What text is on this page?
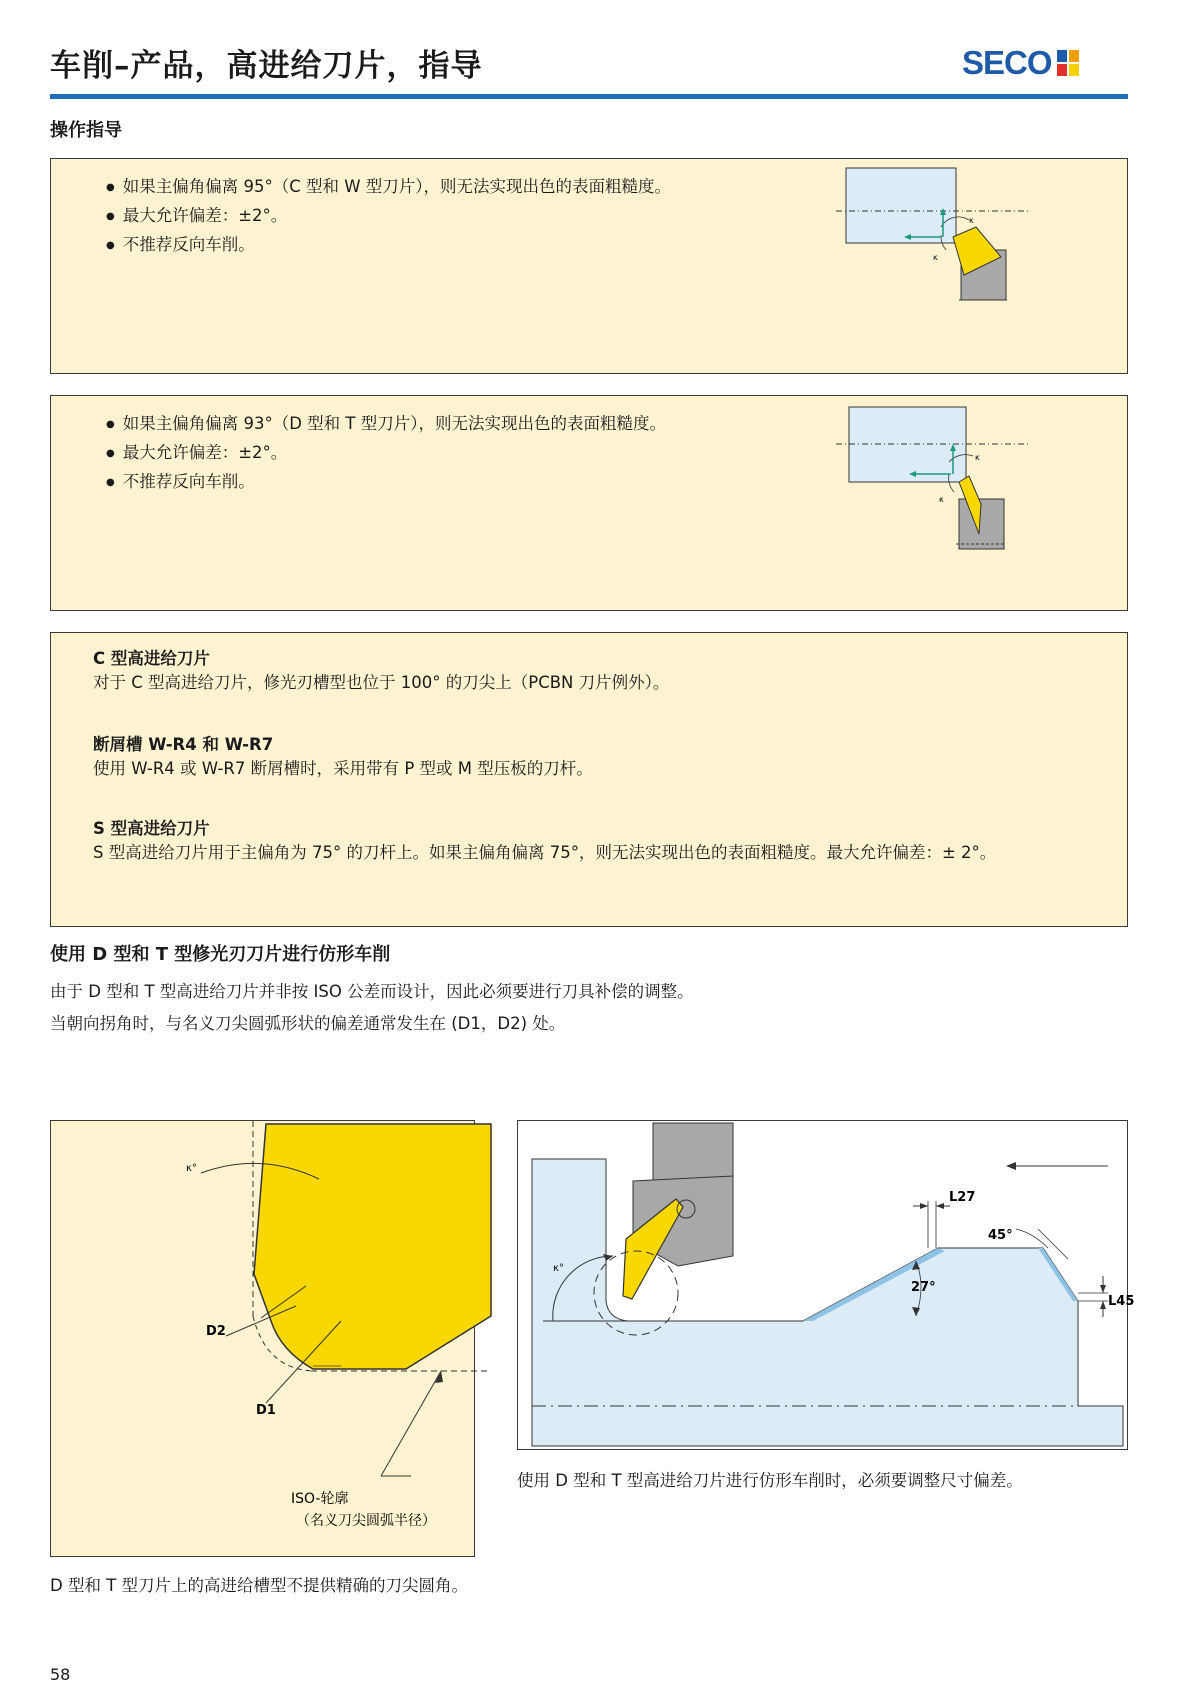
车削–产品，高进给刀片，指导	SECO
操作指导
● 如果主偏角偏离 95°（C 型和 W 型刀片），则无法实现出色的表面粗糙度。
● 最大允许偏差：±2°。
● 不推荐反向车削。
κ
κ
● 如果主偏角偏离 93°（D 型和 T 型刀片），则无法实现出色的表面粗糙度。
● 最大允许偏差：±2°。
● 不推荐反向车削。
κ
κ
C 型高进给刀片
对于 C 型高进给刀片，修光刃槽型也位于 100° 的刀尖上（PCBN 刀片例外）。
断屑槽 W-R4 和 W-R7
使用 W-R4 或 W-R7 断屑槽时，采用带有 P 型或 M 型压板的刀杆。
S 型高进给刀片
S 型高进给刀片用于主偏角为 75° 的刀杆上。如果主偏角偏离 75°，则无法实现出色的表面粗糙度。最大允许偏差：± 2°。
使用 D 型和 T 型修光刃刀片进行仿形车削
由于 D 型和 T 型高进给刀片并非按 ISO 公差而设计，因此必须要进行刀具补偿的调整。
当朝向拐角时，与名义刀尖圆弧形状的偏差通常发生在 (D1，D2) 处。
κ°
D2
D1
ISO-轮廓
（名义刀尖圆弧半径）
D 型和 T 型刀片上的高进给槽型不提供精确的刀尖圆角。
κ°
L27
45°
27°
L45
使用 D 型和 T 型高进给刀片进行仿形车削时，必须要调整尺寸偏差。
58
